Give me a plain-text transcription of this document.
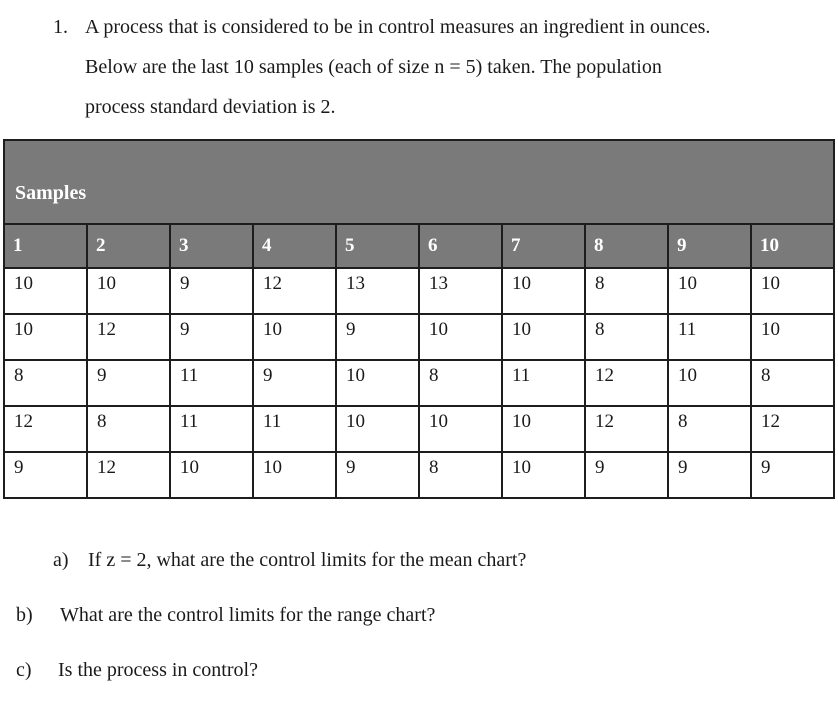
1. A process that is considered to be in control measures an ingredient in ounces.
Below are the last 10 samples (each of size n = 5) taken. The population
process standard deviation is 2.
Samples									
1	2	3	4	5	6	7	8	9	10
10	10	9	12	13	13	10	8	10	10
10	12	9	10	9	10	10	8	11	10
8	9	11	9	10	8	11	12	10	8
12	8	11	11	10	10	10	12	8	12
9	12	10	10	9	8	10	9	9	9
a) If z = 2, what are the control limits for the mean chart?
b)	What are the control limits for the range chart?
c)	Is the process in control?
